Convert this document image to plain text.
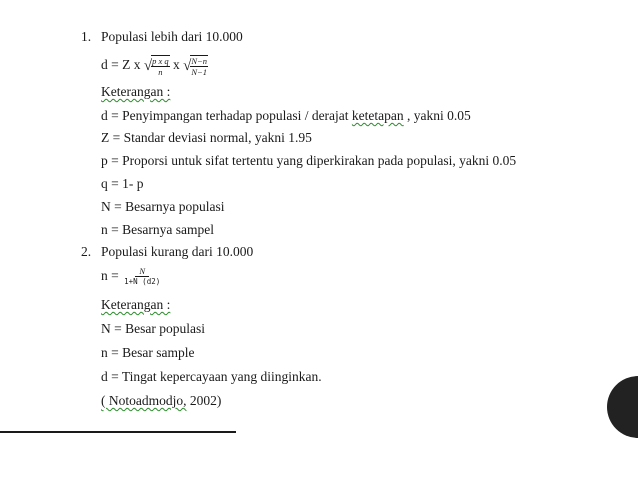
1. Populasi lebih dari 10.000
d = Z x √ $\frac{\text{p x q}}{n}$ x √ $\frac{N-n}{N-1}$
Keterangan :
d = Penyimpangan terhadap populasi / derajat ketetapan , yakni 0.05
Z = Standar deviasi normal, yakni 1.95
p = Proporsi untuk sifat tertentu yang diperkirakan pada populasi, yakni 0.05
q = 1- p
N = Besarnya populasi
n = Besarnya sampel
2. Populasi kurang dari 10.000
$n = \frac{N}{1+N (d2)}$
Keterangan :
N = Besar populasi
n = Besar sample
d = Tingat kepercayaan yang diinginkan.
( Notoadmodjo, 2002)
